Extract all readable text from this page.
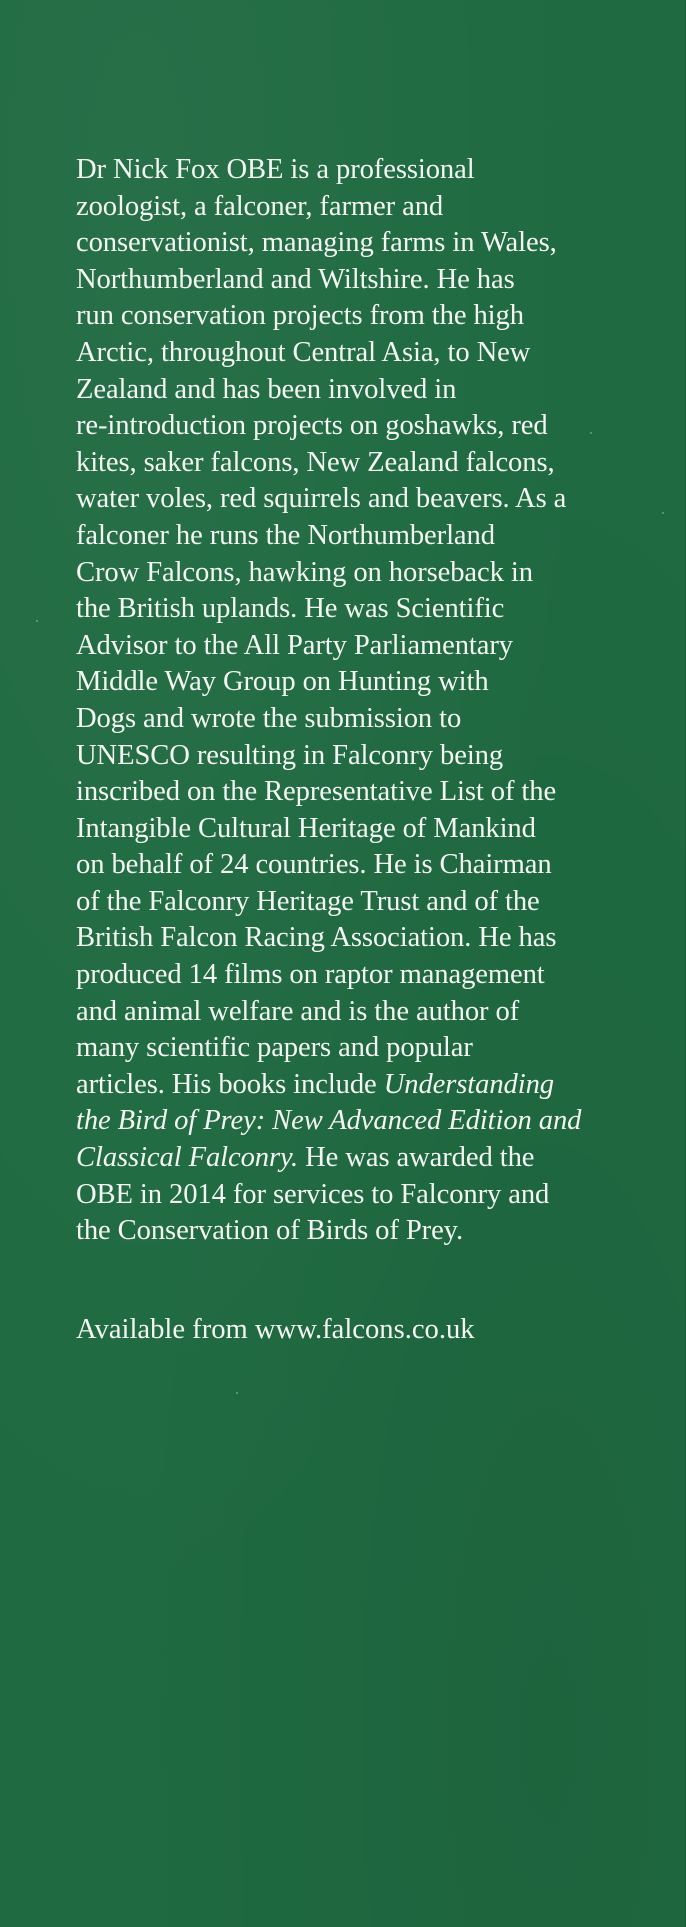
Dr Nick Fox OBE is a professional
zoologist, a falconer, farmer and
conservationist, managing farms in Wales,
Northumberland and Wiltshire. He has
run conservation projects from the high
Arctic, throughout Central Asia, to New
Zealand and has been involved in
re-introduction projects on goshawks, red
kites, saker falcons, New Zealand falcons,
water voles, red squirrels and beavers. As a
falconer he runs the Northumberland
Crow Falcons, hawking on horseback in
the British uplands. He was Scientific
Advisor to the All Party Parliamentary
Middle Way Group on Hunting with
Dogs and wrote the submission to
UNESCO resulting in Falconry being
inscribed on the Representative List of the
Intangible Cultural Heritage of Mankind
on behalf of 24 countries. He is Chairman
of the Falconry Heritage Trust and of the
British Falcon Racing Association. He has
produced 14 films on raptor management
and animal welfare and is the author of
many scientific papers and popular
articles. His books include Understanding
the Bird of Prey: New Advanced Edition and
Classical Falconry. He was awarded the
OBE in 2014 for services to Falconry and
the Conservation of Birds of Prey.

Available from www.falcons.co.uk
